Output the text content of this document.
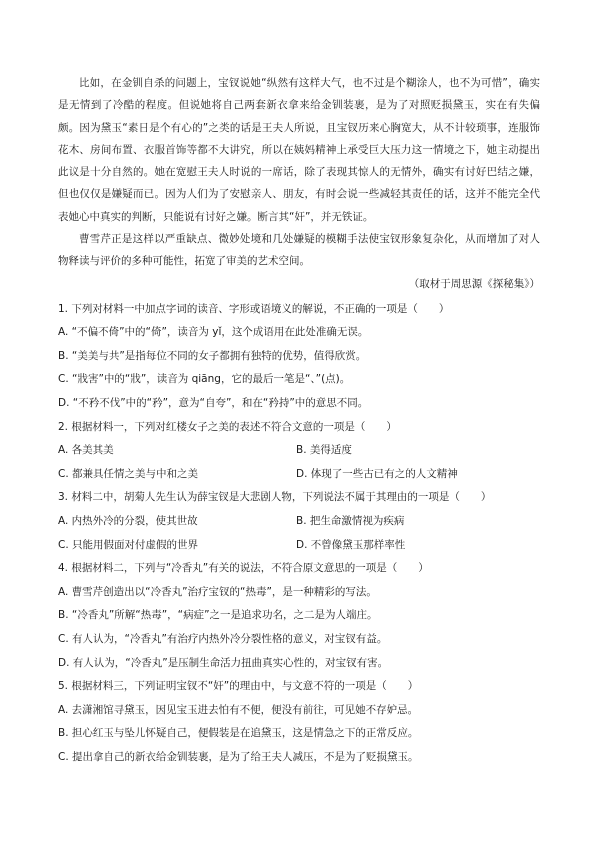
比如，在金钏自杀的问题上，宝钗说她“纵然有这样大气，也不过是个糊涂人，也不为可惜”，确实是无情到了冷酷的程度。但说她将自己两套新衣拿来给金钏装裹，是为了对照贬损黛玉，实在有失偏颇。因为黛玉“素日是个有心的”之类的话是王夫人所说，且宝钗历来心胸宽大，从不计较琐事，连服饰花木、房间布置、衣服首饰等都不大讲究，所以在姨妈精神上承受巨大压力这一情境之下，她主动提出此议是十分自然的。她在宽慰王夫人时说的一席话，除了表现其惊人的无情外，确实有讨好巴结之嫌，但也仅仅是嫌疑而已。因为人们为了安慰亲人、朋友，有时会说一些减轻其责任的话，这并不能完全代表她心中真实的判断，只能说有讨好之嫌。断言其“奸”，并无铁证。

曹雪芹正是这样以严重缺点、微妙处境和几处嫌疑的模糊手法使宝钗形象复杂化，从而增加了对人物释读与评价的多种可能性，拓宽了审美的艺术空间。

（取材于周思源《探秘集》）

1. 下列对材料一中加点字词的读音、字形或语境义的解说，不正确的一项是（　　）

A. “不偏不倚”中的“倚”，读音为 yǐ，这个成语用在此处准确无误。

B. “美美与共”是指每位不同的女子都拥有独特的优势，值得欣赏。

C. “戕害”中的“戕”，读音为 qiāng，它的最后一笔是“、”(点)。

D. “不矜不伐”中的“矜”，意为“自夸”，和在“矜持”中的意思不同。

2. 根据材料一，下列对红楼女子之美的表述不符合文意的一项是（　　）

A. 各美其美	B. 美得适度

C. 都兼具任情之美与中和之美	D. 体现了一些古已有之的人文精神

3. 材料二中，胡菊人先生认为薛宝钗是大悲剧人物，下列说法不属于其理由的一项是（　　）

A. 内热外冷的分裂，使其世故	B. 把生命激情视为疾病

C. 只能用假面对付虚假的世界	D. 不曾像黛玉那样率性

4. 根据材料二，下列与“冷香丸”有关的说法，不符合原文意思的一项是（　　）

A. 曹雪芹创造出以“冷香丸”治疗宝钗的“热毒”，是一种精彩的写法。

B. “冷香丸”所解“热毒”，“病症”之一是追求功名，之二是为人端庄。

C. 有人认为，“冷香丸”有治疗内热外冷分裂性格的意义，对宝钗有益。

D. 有人认为，“冷香丸”是压制生命活力扭曲真实心性的，对宝钗有害。

5. 根据材料三，下列证明宝钗不“奸”的理由中，与文意不符的一项是（　　）

A. 去潇湘馆寻黛玉，因见宝玉进去怕有不便，便没有前往，可见她不存妒忌。

B. 担心红玉与坠儿怀疑自己，便假装是在追黛玉，这是情急之下的正常反应。

C. 提出拿自己的新衣给金钏装裹，是为了给王夫人减压，不是为了贬损黛玉。
